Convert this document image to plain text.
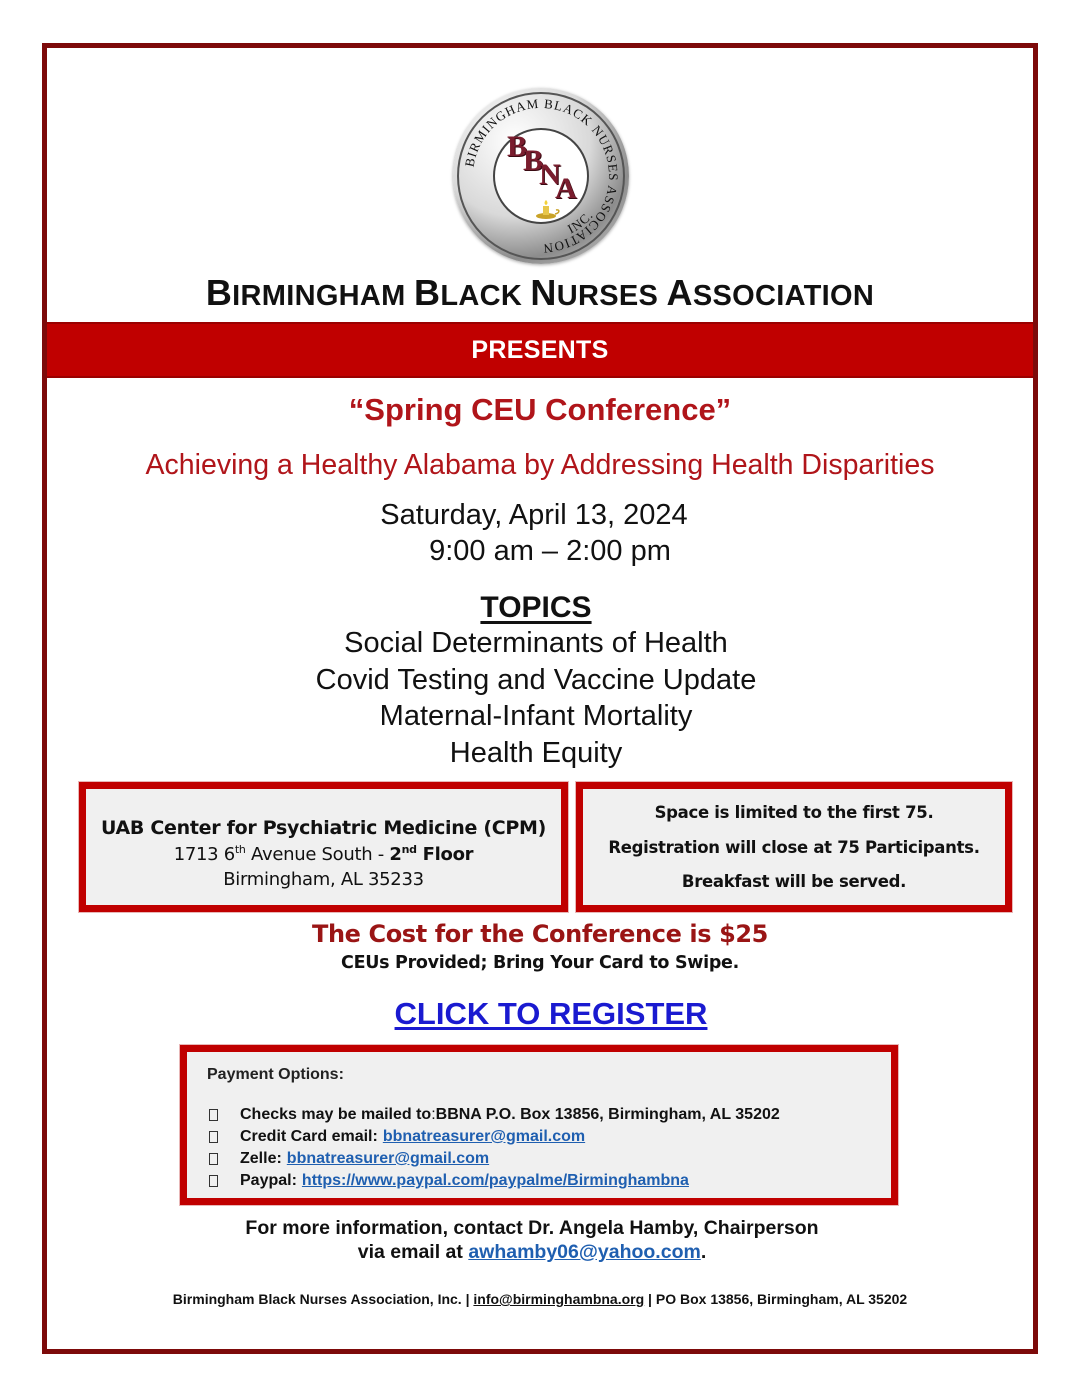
BIRMINGHAM BLACK NURSES ASSOCIATION
INC.
B
B
N
A
BIRMINGHAM BLACK NURSES ASSOCIATION
PRESENTS
“Spring CEU Conference”
Achieving a Healthy Alabama by Addressing Health Disparities
Saturday, April 13, 2024
9:00 am – 2:00 pm
TOPICS
Social Determinants of Health
Covid Testing and Vaccine Update
Maternal-Infant Mortality
Health Equity
UAB Center for Psychiatric Medicine (CPM)
1713 6th Avenue South - 2nd Floor
Birmingham, AL 35233
Space is limited to the first 75.
Registration will close at 75 Participants.
Breakfast will be served.
The Cost for the Conference is $25
CEUs Provided; Bring Your Card to Swipe.
CLICK TO REGISTER
Payment Options:
Checks may be mailed to : BBNA P.O. Box 13856, Birmingham, AL 35202
Credit Card email: bbnatreasurer@gmail.com
Zelle: bbnatreasurer@gmail.com
Paypal: https://www.paypal.com/paypalme/Birminghambna
For more information, contact Dr. Angela Hamby, Chairperson
via email at awhamby06@yahoo.com.
Birmingham Black Nurses Association, Inc. | info@birminghambna.org | PO Box 13856, Birmingham, AL 35202
